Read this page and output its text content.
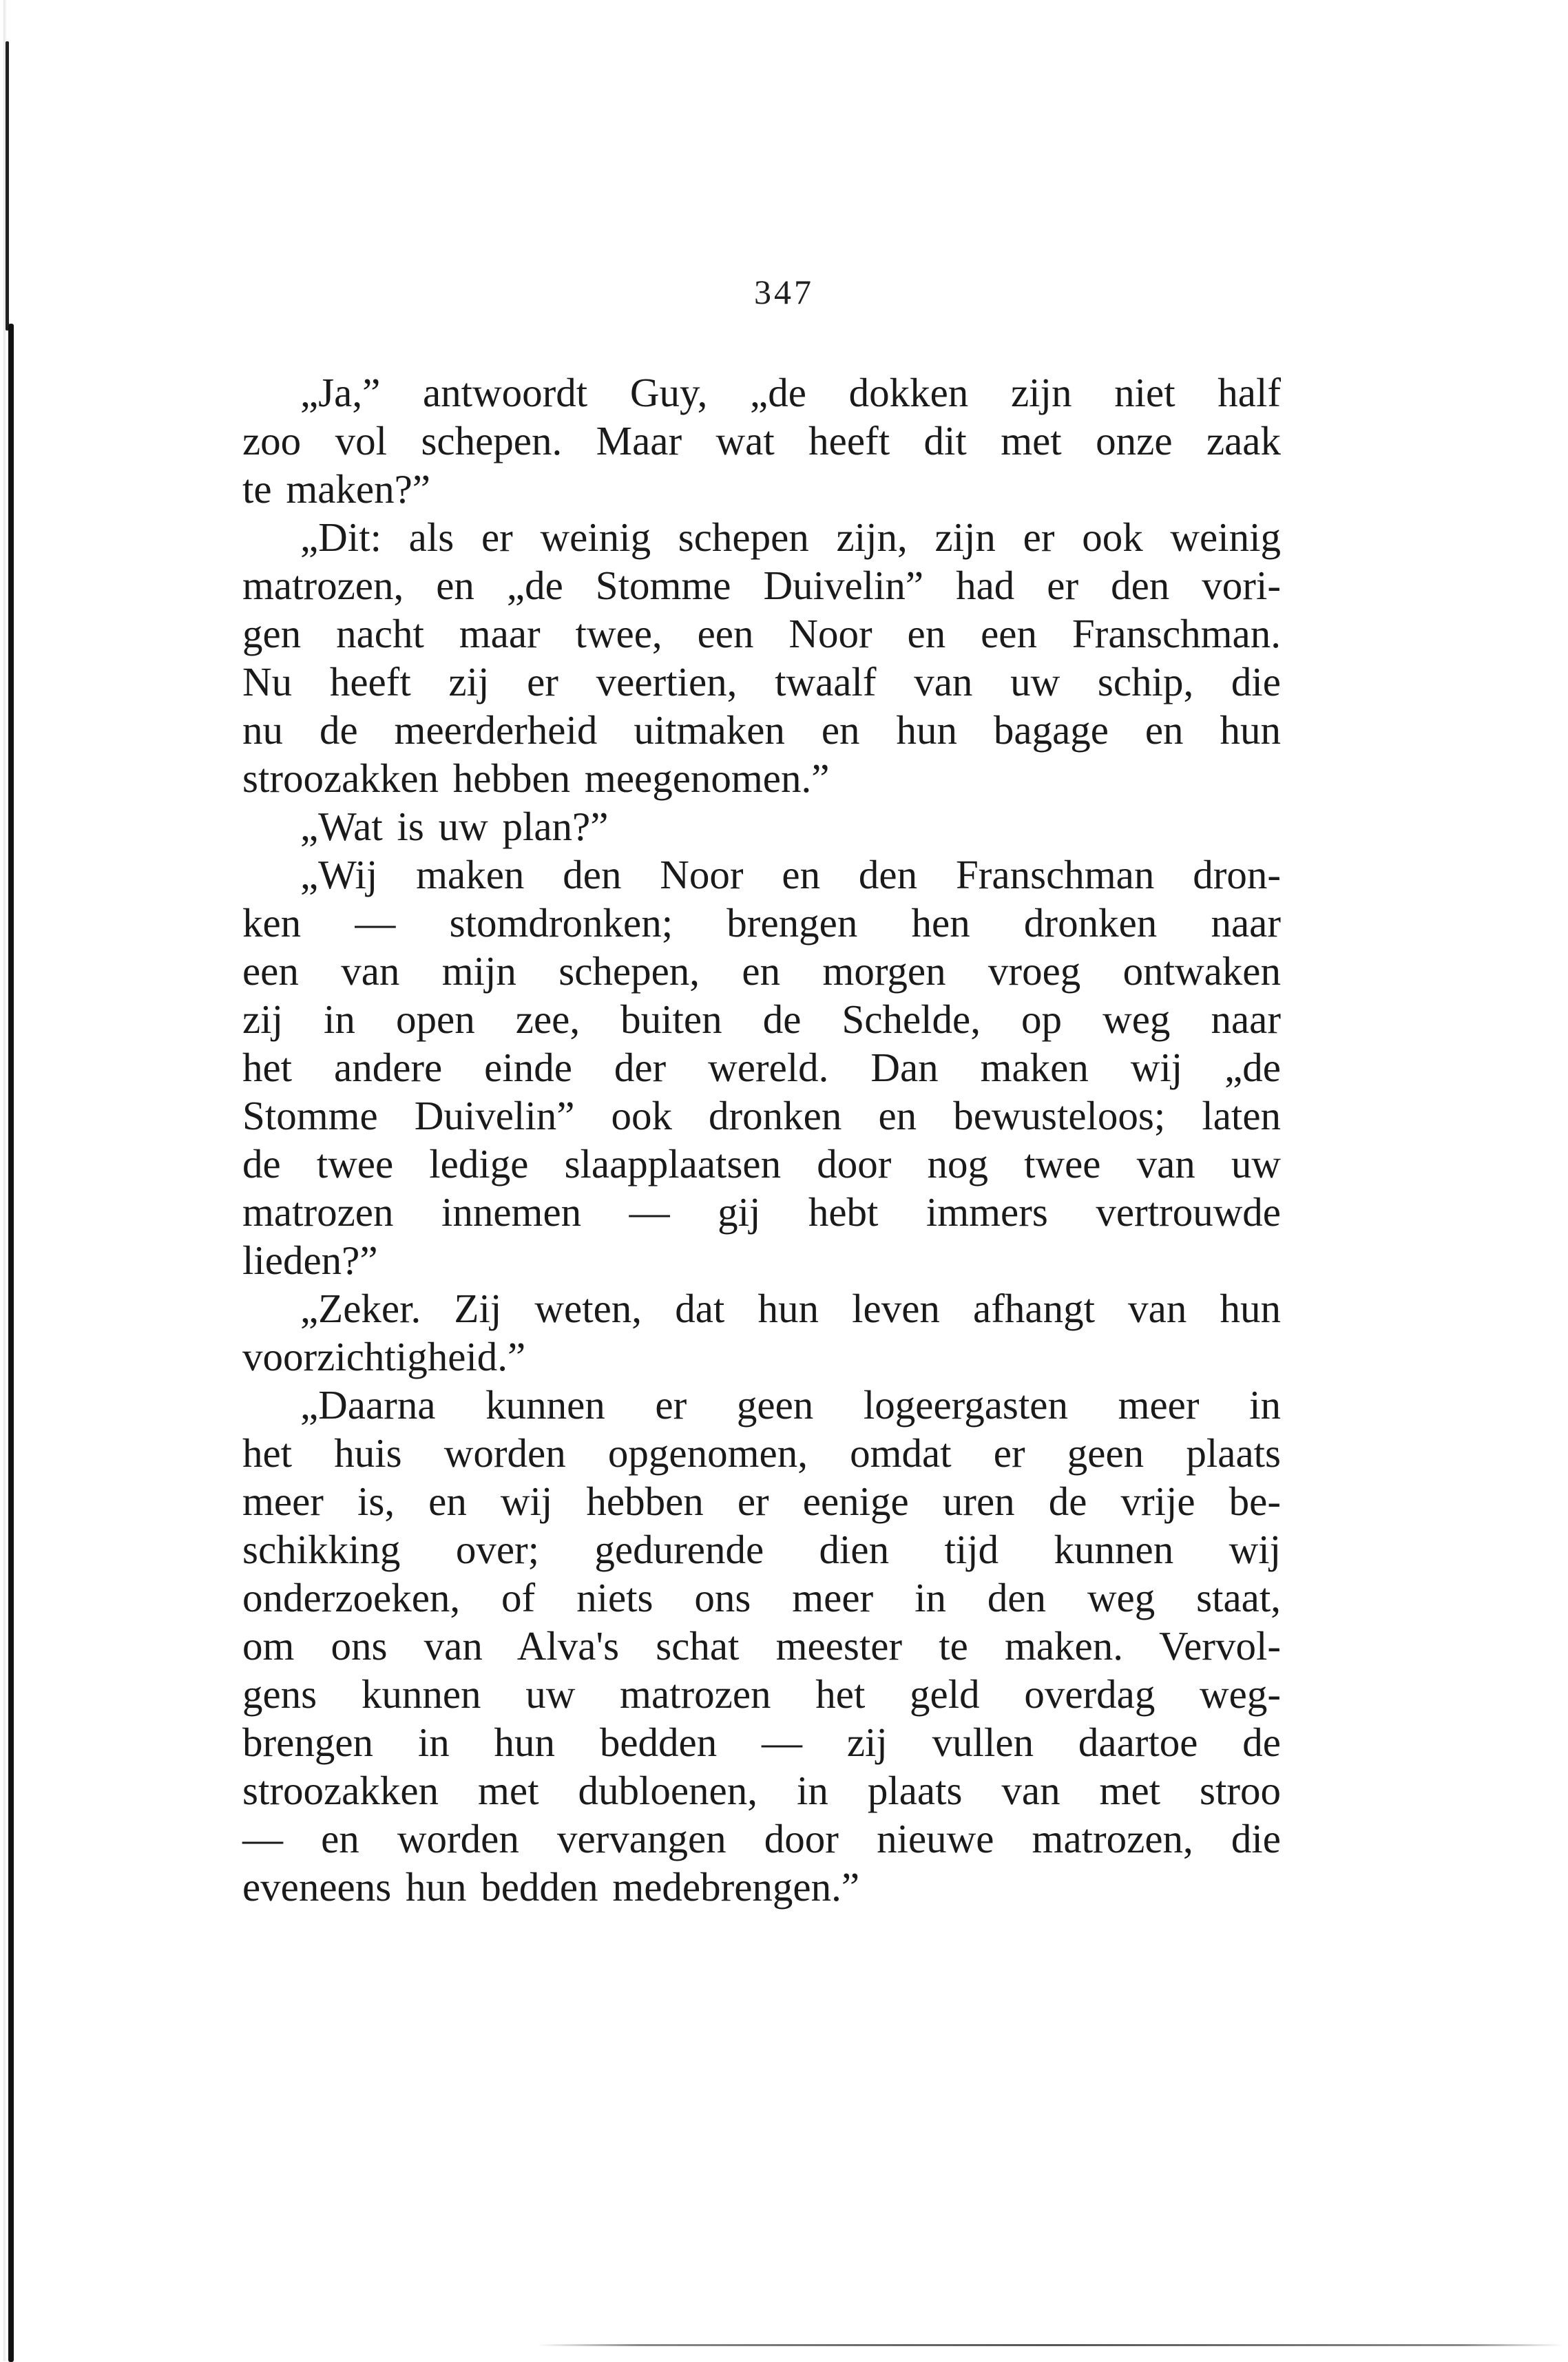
347
„Ja,” antwoordt Guy, „de dokken zijn niet half
zoo vol schepen. Maar wat heeft dit met onze zaak
te maken?”
„Dit: als er weinig schepen zijn, zijn er ook weinig
matrozen, en „de Stomme Duivelin” had er den vori-
gen nacht maar twee, een Noor en een Franschman.
Nu heeft zij er veertien, twaalf van uw schip, die
nu de meerderheid uitmaken en hun bagage en hun
stroozakken hebben meegenomen.”
„Wat is uw plan?”
„Wij maken den Noor en den Franschman dron-
ken — stomdronken; brengen hen dronken naar
een van mijn schepen, en morgen vroeg ontwaken
zij in open zee, buiten de Schelde, op weg naar
het andere einde der wereld. Dan maken wij „de
Stomme Duivelin” ook dronken en bewusteloos; laten
de twee ledige slaapplaatsen door nog twee van uw
matrozen innemen — gij hebt immers vertrouwde
lieden?”
„Zeker. Zij weten, dat hun leven afhangt van hun
voorzichtigheid.”
„Daarna kunnen er geen logeergasten meer in
het huis worden opgenomen, omdat er geen plaats
meer is, en wij hebben er eenige uren de vrije be-
schikking over; gedurende dien tijd kunnen wij
onderzoeken, of niets ons meer in den weg staat,
om ons van Alva's schat meester te maken. Vervol-
gens kunnen uw matrozen het geld overdag weg-
brengen in hun bedden — zij vullen daartoe de
stroozakken met dubloenen, in plaats van met stroo
— en worden vervangen door nieuwe matrozen, die
eveneens hun bedden medebrengen.”
